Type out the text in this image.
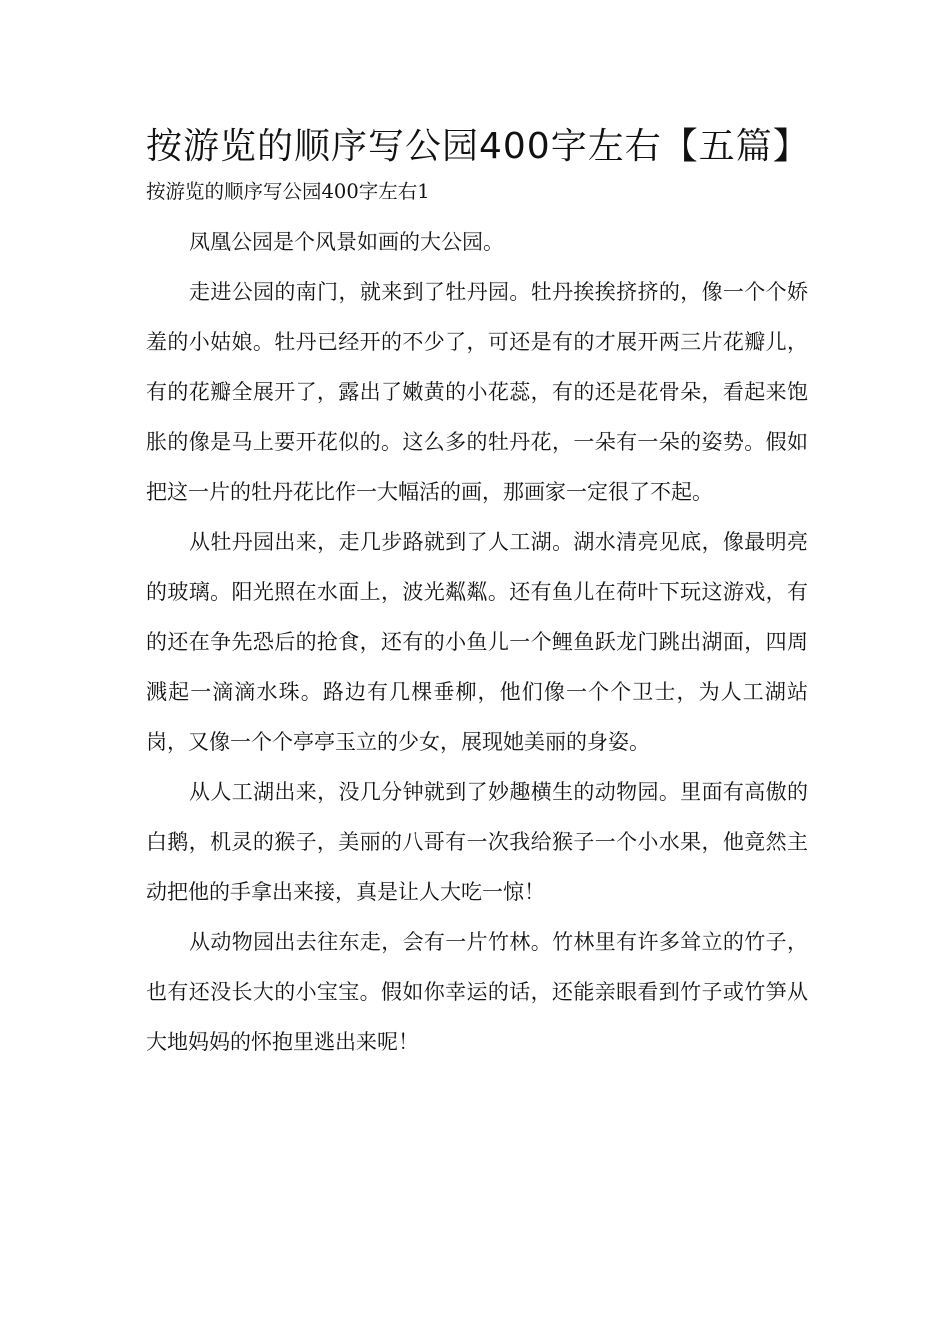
按游览的顺序写公园400字左右【五篇】
按游览的顺序写公园400字左右1

凤凰公园是个风景如画的大公园。

走进公园的南门，就来到了牡丹园。牡丹挨挨挤挤的，像一个个娇羞的小姑娘。牡丹已经开的不少了，可还是有的才展开两三片花瓣儿，有的花瓣全展开了，露出了嫩黄的小花蕊，有的还是花骨朵，看起来饱胀的像是马上要开花似的。这么多的牡丹花，一朵有一朵的姿势。假如把这一片的牡丹花比作一大幅活的画，那画家一定很了不起。

从牡丹园出来，走几步路就到了人工湖。湖水清亮见底，像最明亮的玻璃。阳光照在水面上，波光粼粼。还有鱼儿在荷叶下玩这游戏，有的还在争先恐后的抢食，还有的小鱼儿一个鲤鱼跃龙门跳出湖面，四周溅起一滴滴水珠。路边有几棵垂柳，他们像一个个卫士，为人工湖站岗，又像一个个亭亭玉立的少女，展现她美丽的身姿。

从人工湖出来，没几分钟就到了妙趣横生的动物园。里面有高傲的白鹅，机灵的猴子，美丽的八哥有一次我给猴子一个小水果，他竟然主动把他的手拿出来接，真是让人大吃一惊！

从动物园出去往东走，会有一片竹林。竹林里有许多耸立的竹子，也有还没长大的小宝宝。假如你幸运的话，还能亲眼看到竹子或竹笋从大地妈妈的怀抱里逃出来呢！
